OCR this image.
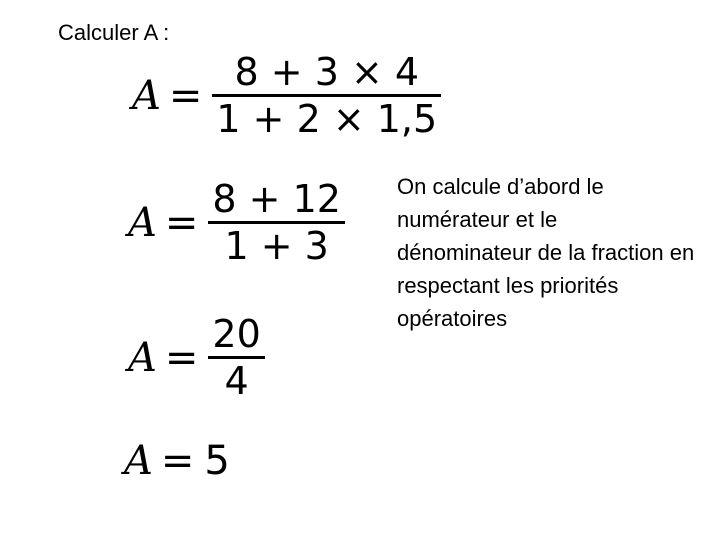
Calculer A :
$A = \frac{8 + 3 \times 4}{1 + 2 \times 1,5}$
$A = \frac{8 + 12}{1 + 3}$
$A = \frac{20}{4}$
A = 5
On calcule d’abord le numérateur et le dénominateur de la fraction en respectant les priorités opératoires
